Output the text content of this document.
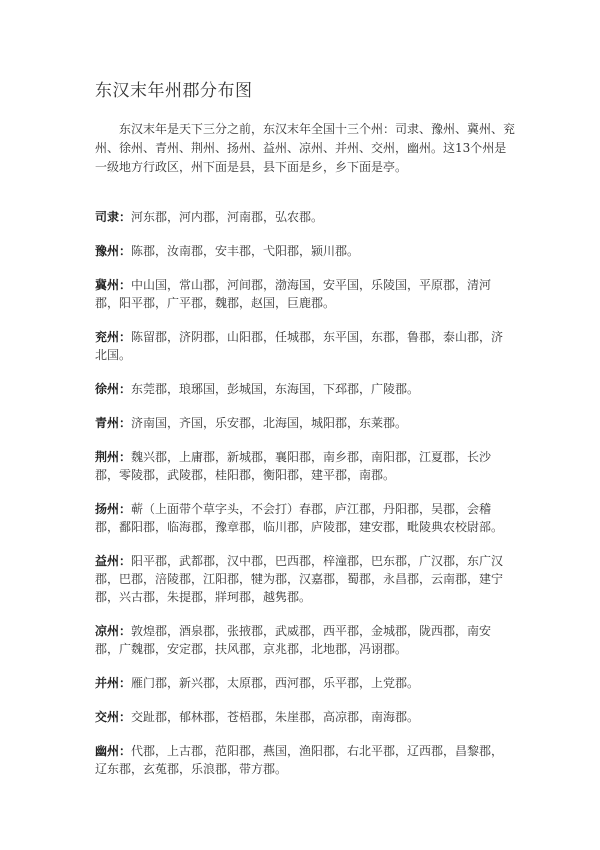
东汉末年州郡分布图
东汉末年是天下三分之前，东汉末年全国十三个州：司隶、豫州、冀州、兖州、徐州、青州、荆州、扬州、益州、凉州、并州、交州，幽州。这13个州是一级地方行政区，州下面是县，县下面是乡，乡下面是亭。
司隶：河东郡，河内郡，河南郡，弘农郡。
豫州：陈郡，汝南郡，安丰郡，弋阳郡，颍川郡。
冀州：中山国，常山郡，河间郡，渤海国，安平国，乐陵国，平原郡，清河郡，阳平郡，广平郡，魏郡，赵国，巨鹿郡。
兖州：陈留郡，济阴郡，山阳郡，任城郡，东平国，东郡，鲁郡，泰山郡，济北国。
徐州：东莞郡，琅琊国，彭城国，东海国，下邳郡，广陵郡。
青州：济南国，齐国，乐安郡，北海国，城阳郡，东莱郡。
荆州：魏兴郡，上庸郡，新城郡，襄阳郡，南乡郡，南阳郡，江夏郡，长沙郡，零陵郡，武陵郡，桂阳郡，衡阳郡，建平郡，南郡。
扬州：蕲（上面带个草字头，不会打）春郡，庐江郡，丹阳郡，吴郡，会稽郡，鄱阳郡，临海郡，豫章郡，临川郡，庐陵郡，建安郡，毗陵典农校尉部。
益州：阳平郡，武都郡，汉中郡，巴西郡，梓潼郡，巴东郡，广汉郡，东广汉郡，巴郡，涪陵郡，江阳郡，犍为郡，汉嘉郡，蜀郡，永昌郡，云南郡，建宁郡，兴古郡，朱提郡，牂珂郡，越隽郡。
凉州：敦煌郡，酒泉郡，张掖郡，武威郡，西平郡，金城郡，陇西郡，南安郡，广魏郡，安定郡，扶风郡，京兆郡，北地郡，冯诩郡。
并州：雁门郡，新兴郡，太原郡，西河郡，乐平郡，上党郡。
交州：交趾郡，郁林郡，苍梧郡，朱崖郡，高凉郡，南海郡。
幽州：代郡，上古郡，范阳郡，燕国，渔阳郡，右北平郡，辽西郡，昌黎郡，辽东郡，玄菟郡，乐浪郡，带方郡。
